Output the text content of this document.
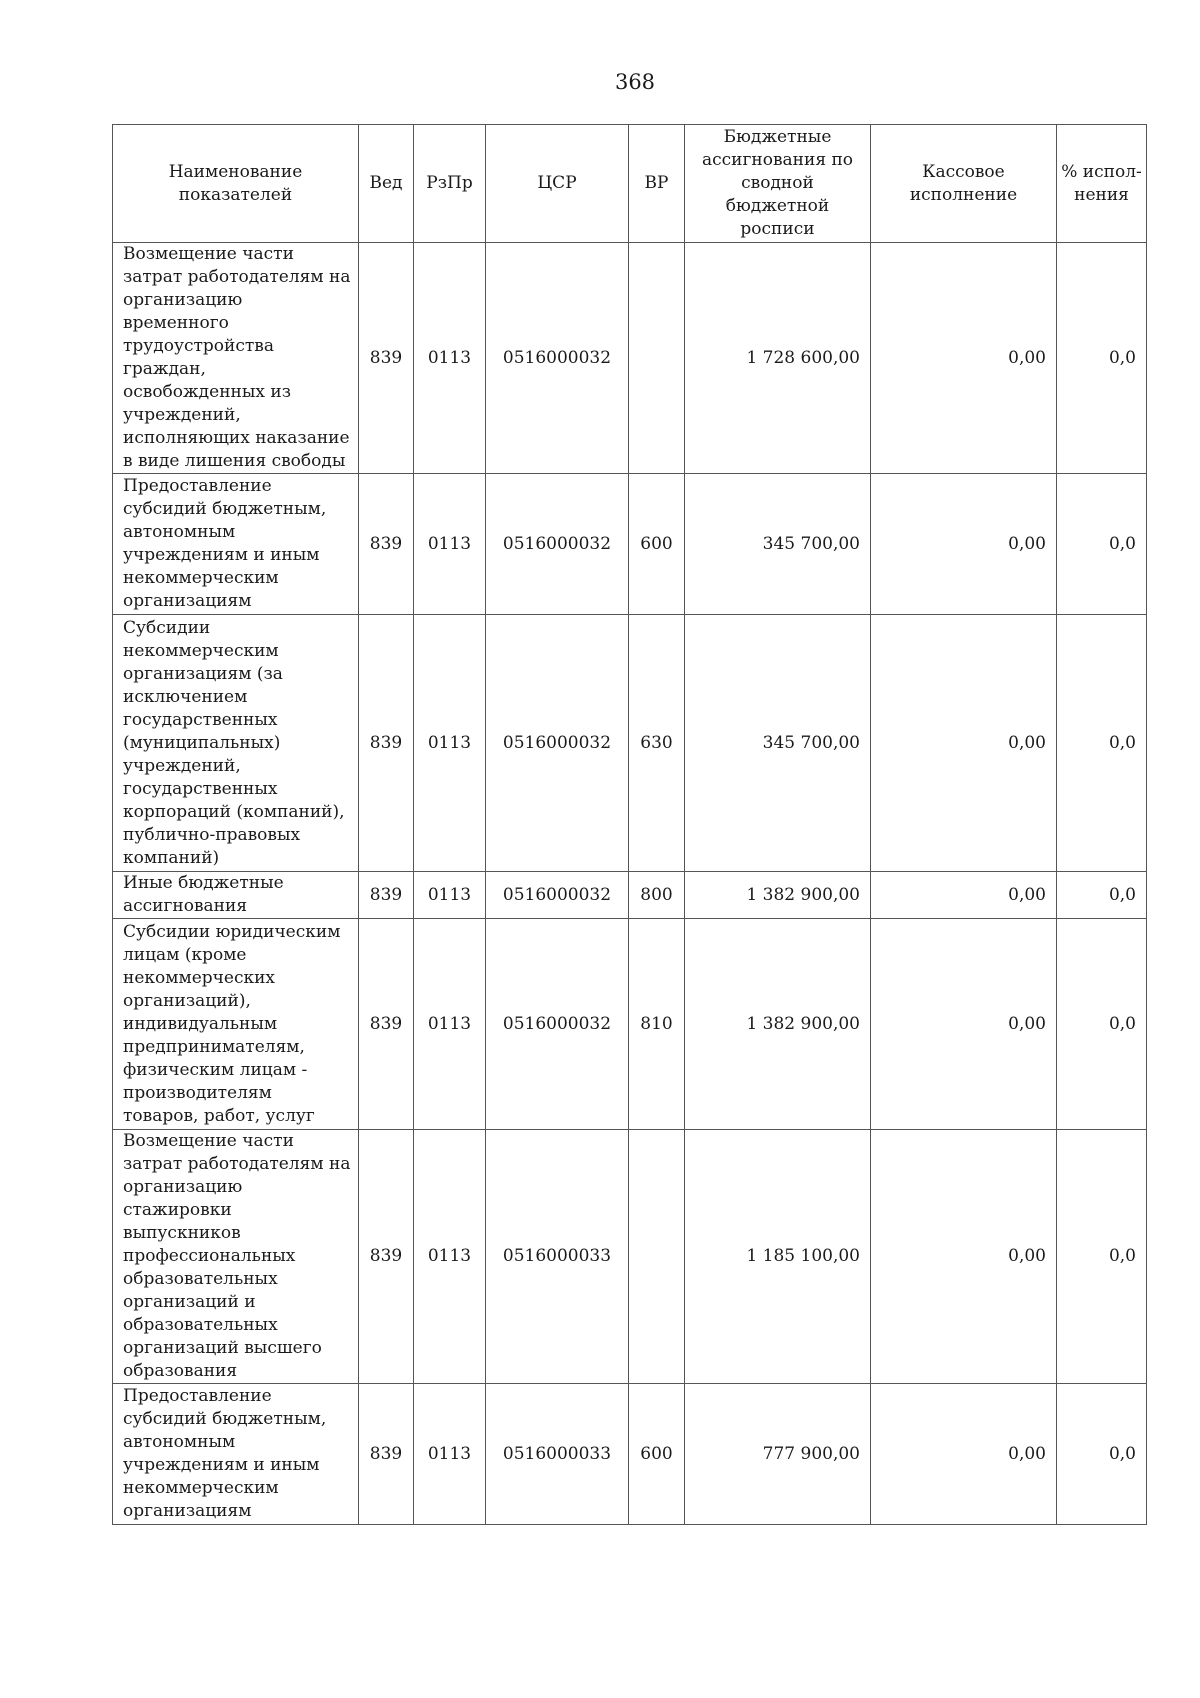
368
Наименование показателей	Вед	РзПр	ЦСР	ВР	Бюджетные ассигнования по сводной бюджетной росписи	Кассовое исполнение	% испол-нения
Возмещение части затрат работодателям на организацию временного трудоустройства граждан, освобожденных из учреждений, исполняющих наказание в виде лишения свободы	839	0113	0516000032		1 728 600,00	0,00	0,0
Предоставление субсидий бюджетным, автономным учреждениям и иным некоммерческим организациям	839	0113	0516000032	600	345 700,00	0,00	0,0
Субсидии некоммерческим организациям (за исключением государственных (муниципальных) учреждений, государственных корпораций (компаний), публично-правовых компаний)	839	0113	0516000032	630	345 700,00	0,00	0,0
Иные бюджетные ассигнования	839	0113	0516000032	800	1 382 900,00	0,00	0,0
Субсидии юридическим лицам (кроме некоммерческих организаций), индивидуальным предпринимателям, физическим лицам - производителям товаров, работ, услуг	839	0113	0516000032	810	1 382 900,00	0,00	0,0
Возмещение части затрат работодателям на организацию стажировки выпускников профессиональных образовательных организаций и образовательных организаций высшего образования	839	0113	0516000033		1 185 100,00	0,00	0,0
Предоставление субсидий бюджетным, автономным учреждениям и иным некоммерческим организациям	839	0113	0516000033	600	777 900,00	0,00	0,0
